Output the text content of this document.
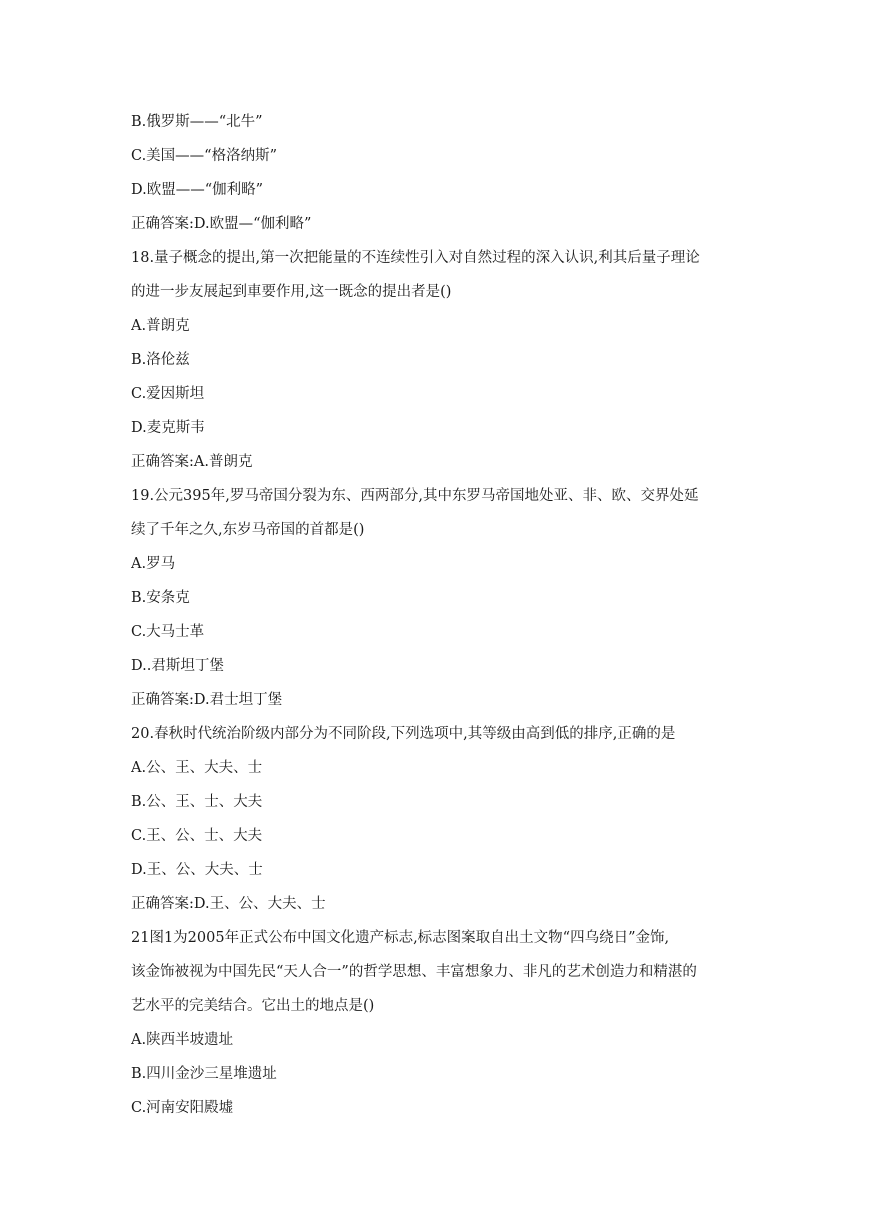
B.俄罗斯——“北牛”
C.美国——“格洛纳斯”
D.欧盟——“伽利略”
正确答案:D.欧盟—“伽利略”
18.量子概念的提出,第一次把能量的不连续性引入对自然过程的深入认识,利其后量子理论
的进一步友展起到車要作用,这一既念的提出者是()
A.普朗克
B.洛伦兹
C.爱因斯坦
D.麦克斯韦
正确答案:A.普朗克
19.公元395年,罗马帝国分裂为东、西两部分,其中东罗马帝国地处亚、非、欧、交界处延
续了千年之久,东岁马帝国的首都是()
A.罗马
B.安条克
C.大马士革
D..君斯坦丁堡
正确答案:D.君士坦丁堡
20.春秋时代统治阶级内部分为不同阶段,下列选项中,其等级由高到低的排序,正确的是
A.公、王、大夫、士
B.公、王、士、大夫
C.王、公、士、大夫
D.王、公、大夫、士
正确答案:D.王、公、大夫、士
21图1为2005年正式公布中国文化遗产标志,标志图案取自出土文物“四乌绕日”金饰,
该金饰被视为中国先民“天人合一”的哲学思想、丰富想象力、非凡的艺术创造力和精湛的
艺水平的完美结合。它出土的地点是()
A.陕西半坡遗址
B.四川金沙三星堆遗址
C.河南安阳殿墟
